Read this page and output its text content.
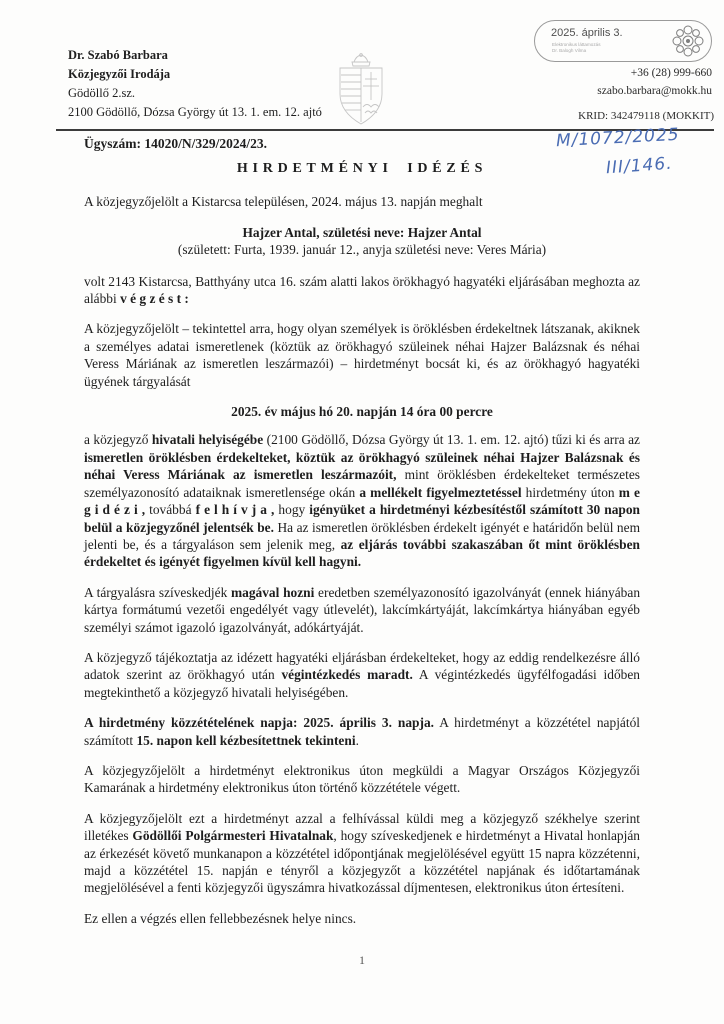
Dr. Szabó Barbara
Közjegyzői Irodája
Gödöllő 2.sz.
2100 Gödöllő, Dózsa György út 13. 1. em. 12. ajtó
2025. április 3.
Elektronikus láttamozás
Dr. Balogh Vilma
+36 (28) 999-660
szabo.barbara@mokk.hu
KRID: 342479118 (MOKKIT)
Ügyszám: 14020/N/329/2024/23.	M/1072/2025
III/146.
HIRDETMÉNYI IDÉZÉS

A közjegyzőjelölt a Kistarcsa településen, 2024. május 13. napján meghalt

Hajzer Antal, születési neve: Hajzer Antal
(született: Furta, 1939. január 12., anyja születési neve: Veres Mária)

volt 2143 Kistarcsa, Batthyány utca 16. szám alatti lakos örökhagyó hagyatéki eljárásában meghozta az alábbi v é g z é s t :

A közjegyzőjelölt – tekintettel arra, hogy olyan személyek is öröklésben érdekeltnek látszanak, akiknek a személyes adatai ismeretlenek (köztük az örökhagyó szüleinek néhai Hajzer Balázsnak és néhai Veress Máriának az ismeretlen leszármazói) – hirdetményt bocsát ki, és az örökhagyó hagyatéki ügyének tárgyalását

2025. év május hó 20. napján 14 óra 00 percre

a közjegyző hivatali helyiségébe (2100 Gödöllő, Dózsa György út 13. 1. em. 12. ajtó) tűzi ki és arra az ismeretlen öröklésben érdekelteket, köztük az örökhagyó szüleinek néhai Hajzer Balázsnak és néhai Veress Máriának az ismeretlen leszármazóit, mint öröklésben érdekelteket természetes személyazonosító adataiknak ismeretlensége okán a mellékelt figyelmeztetéssel hirdetmény úton m e g i d é z i , továbbá f e l h í v j a , hogy igényüket a hirdetményi kézbesítéstől számított 30 napon belül a közjegyzőnél jelentsék be. Ha az ismeretlen öröklésben érdekelt igényét e határidőn belül nem jelenti be, és a tárgyaláson sem jelenik meg, az eljárás további szakaszában őt mint öröklésben érdekeltet és igényét figyelmen kívül kell hagyni.

A tárgyalásra szíveskedjék magával hozni eredetben személyazonosító igazolványát (ennek hiányában kártya formátumú vezetői engedélyét vagy útlevelét), lakcímkártyáját, lakcímkártya hiányában egyéb személyi számot igazoló igazolványát, adókártyáját.

A közjegyző tájékoztatja az idézett hagyatéki eljárásban érdekelteket, hogy az eddig rendelkezésre álló adatok szerint az örökhagyó után végintézkedés maradt. A végintézkedés ügyfélfogadási időben megtekinthető a közjegyző hivatali helyiségében.

A hirdetmény közzétételének napja: 2025. április 3. napja. A hirdetményt a közzététel napjától számított 15. napon kell kézbesítettnek tekinteni.

A közjegyzőjelölt a hirdetményt elektronikus úton megküldi a Magyar Országos Közjegyzői Kamarának a hirdetmény elektronikus úton történő közzététele végett.

A közjegyzőjelölt ezt a hirdetményt azzal a felhívással küldi meg a közjegyző székhelye szerint illetékes Gödöllői Polgármesteri Hivatalnak, hogy szíveskedjenek e hirdetményt a Hivatal honlapján az érkezését követő munkanapon a közzététel időpontjának megjelölésével együtt 15 napra közzétenni, majd a közzététel 15. napján e tényről a közjegyzőt a közzététel napjának és időtartamának megjelölésével a fenti közjegyzői ügyszámra hivatkozással díjmentesen, elektronikus úton értesíteni.

Ez ellen a végzés ellen fellebbezésnek helye nincs.

1
